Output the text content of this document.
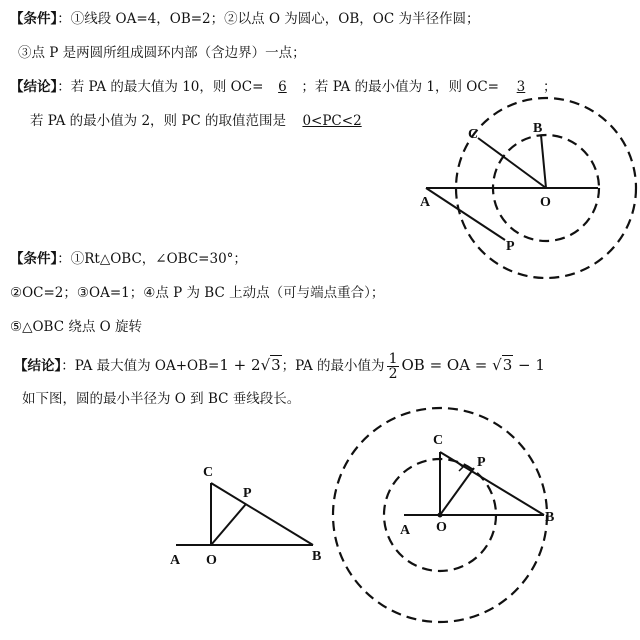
【条件】：①线段 OA=4，OB=2；②以点 O 为圆心，OB，OC 为半径作圆；
③点 P 是两圆所组成圆环内部（含边界）一点；
【结论】：若 PA 的最大值为 10，则 OC= 6 ；若 PA 的最小值为 1，则 OC= 3 ；
若 PA 的最小值为 2，则 PC 的取值范围是 0<PC<2
A	O
B
C
P
【条件】：①Rt△OBC，∠OBC=30°；
②OC=2；③OA=1；④点 P 为 BC 上动点（可与端点重合）；
⑤△OBC 绕点 O 旋转
【结论】：PA 最大值为 OA+OB=1 + 2√3；PA 的最小值为 $\frac{1}{2}$ OB = OA = √3 − 1
如下图，圆的最小半径为 O 到 BC 垂线段长。
A O	B
C
P
A O
B
C
P
